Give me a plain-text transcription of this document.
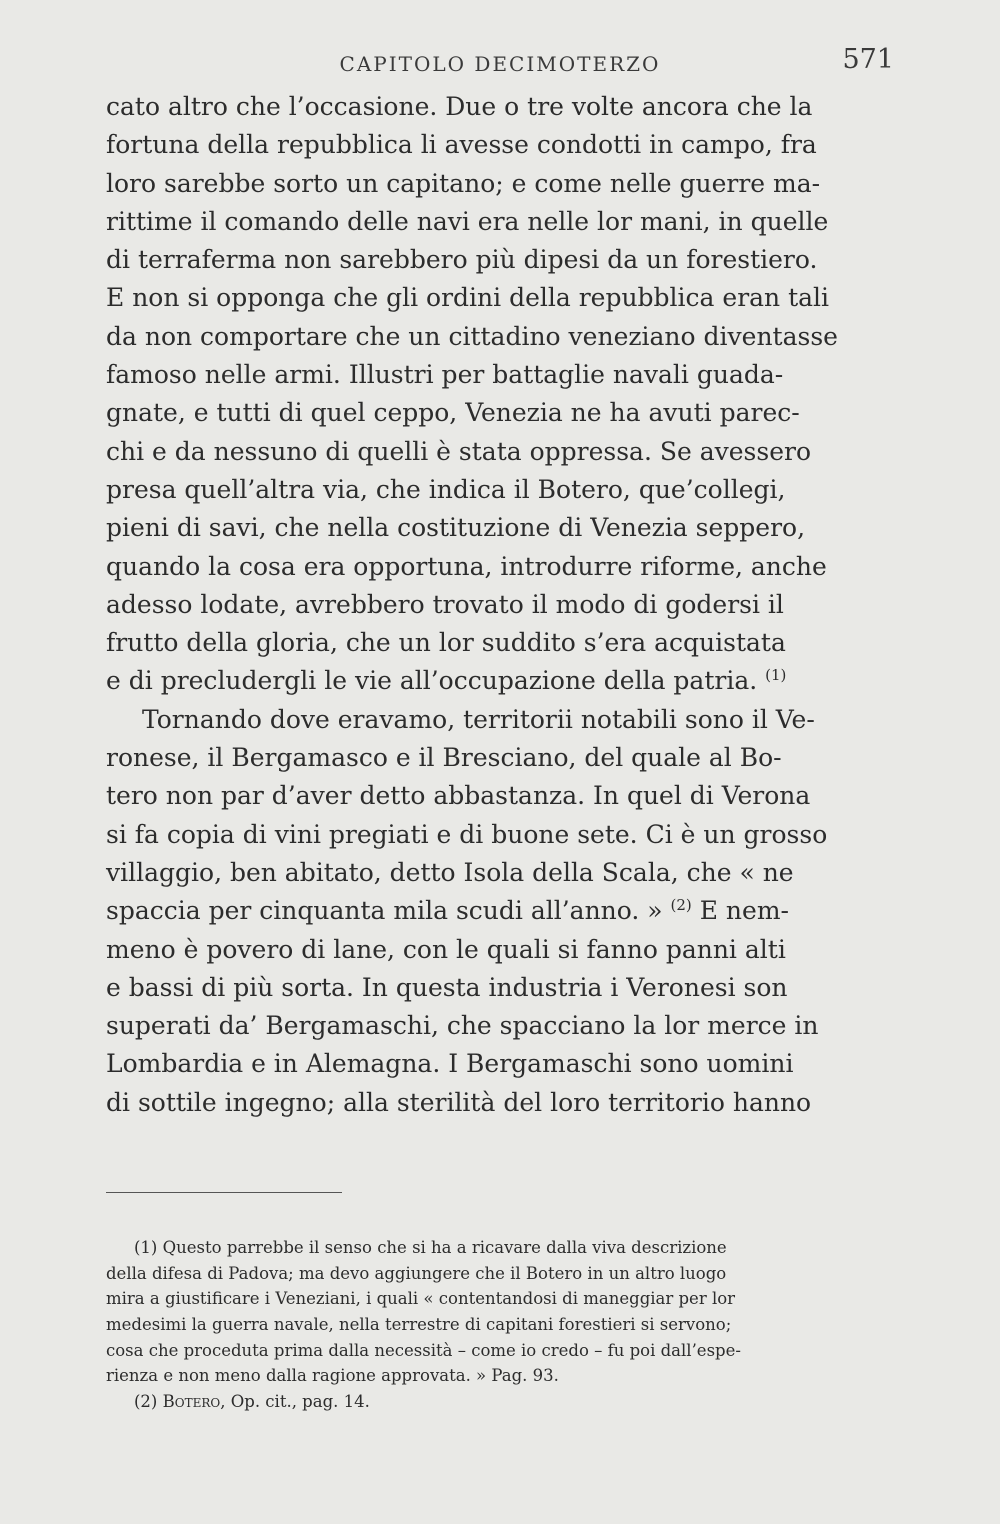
CAPITOLO DECIMOTERZO	571
cato altro che l’occasione. Due o tre volte ancora che la
fortuna della repubblica li avesse condotti in campo, fra
loro sarebbe sorto un capitano; e come nelle guerre ma-
rittime il comando delle navi era nelle lor mani, in quelle
di terraferma non sarebbero più dipesi da un forestiero.
E non si opponga che gli ordini della repubblica eran tali
da non comportare che un cittadino veneziano diventasse
famoso nelle armi. Illustri per battaglie navali guada-
gnate, e tutti di quel ceppo, Venezia ne ha avuti parec-
chi e da nessuno di quelli è stata oppressa. Se avessero
presa quell’altra via, che indica il Botero, que’collegi,
pieni di savi, che nella costituzione di Venezia seppero,
quando la cosa era opportuna, introdurre riforme, anche
adesso lodate, avrebbero trovato il modo di godersi il
frutto della gloria, che un lor suddito s’era acquistata
e di precludergli le vie all’occupazione della patria. $^{(1)}$
Tornando dove eravamo, territorii notabili sono il Ve-
ronese, il Bergamasco e il Bresciano, del quale al Bo-
tero non par d’aver detto abbastanza. In quel di Verona
si fa copia di vini pregiati e di buone sete. Ci è un grosso
villaggio, ben abitato, detto Isola della Scala, che « ne
spaccia per cinquanta mila scudi all’anno. » $^{(2)}$ E nem-
meno è povero di lane, con le quali si fanno panni alti
e bassi di più sorta. In questa industria i Veronesi son
superati da’ Bergamaschi, che spacciano la lor merce in
Lombardia e in Alemagna. I Bergamaschi sono uomini
di sottile ingegno; alla sterilità del loro territorio hanno
(1) Questo parrebbe il senso che si ha a ricavare dalla viva descrizione
della difesa di Padova; ma devo aggiungere che il Botero in un altro luogo
mira a giustificare i Veneziani, i quali « contentandosi di maneggiar per lor
medesimi la guerra navale, nella terrestre di capitani forestieri si servono;
cosa che proceduta prima dalla necessità – come io credo – fu poi dall’espe-
rienza e non meno dalla ragione approvata. » Pag. 93.
(2) Botero, Op. cit., pag. 14.
